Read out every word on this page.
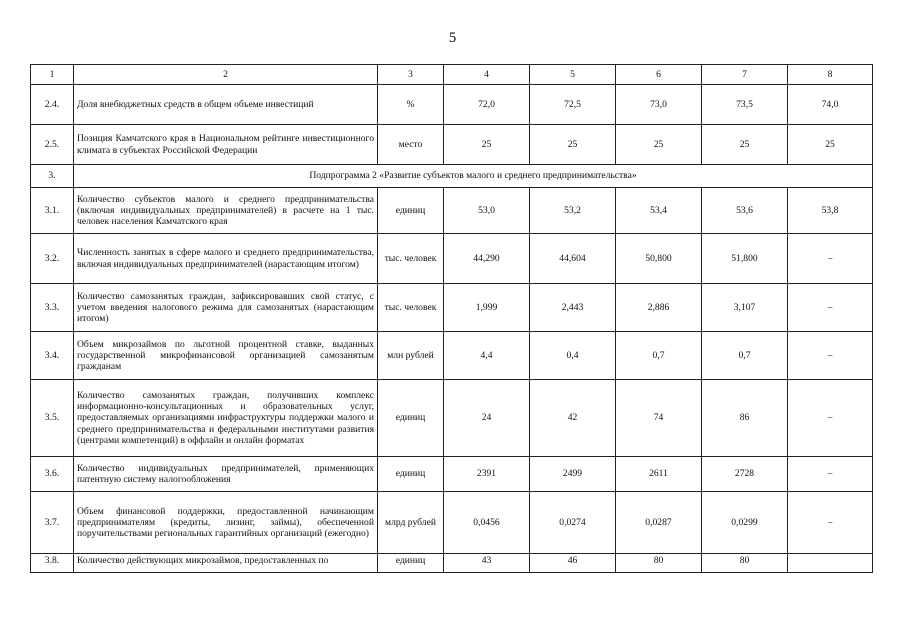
5
1	2	3	4	5	6	7	8
2.4.	Доля внебюджетных средств в общем объеме инвестиций	%	72,0	72,5	73,0	73,5	74,0
2.5.	Позиция Камчатского края в Национальном рейтинге инвестиционного климата в субъектах Российской Федерации	место	25	25	25	25	25
3.	Подпрограмма 2 «Развитие субъектов малого и среднего предпринимательства»						
3.1.	Количество субъектов малого и среднего предпринимательства (включая индивидуальных предпринимателей) в расчете на 1 тыс. человек населения Камчатского края	единиц	53,0	53,2	53,4	53,6	53,8
3.2.	Численность занятых в сфере малого и среднего предпринимательства, включая индивидуальных предпринимателей (нарастающим итогом)	тыс. человек	44,290	44,604	50,800	51,800	–
3.3.	Количество самозанятых граждан, зафиксировавших свой статус, с учетом введения налогового режима для самозанятых (нарастающим итогом)	тыс. человек	1,999	2,443	2,886	3,107	–
3.4.	Объем микрозаймов по льготной процентной ставке, выданных государственной микрофинансовой организацией самозанятым гражданам	млн рублей	4,4	0,4	0,7	0,7	–
3.5.	Количество самозанятых граждан, получивших комплекс информационно-консультационных и образовательных услуг, предоставляемых организациями инфраструктуры поддержки малого и среднего предпринимательства и федеральными институтами развития (центрами компетенций) в оффлайн и онлайн форматах	единиц	24	42	74	86	–
3.6.	Количество индивидуальных предпринимателей, применяющих патентную систему налогообложения	единиц	2391	2499	2611	2728	–
3.7.	Объем финансовой поддержки, предоставленной начинающим предпринимателям (кредиты, лизинг, займы), обеспеченной поручительствами региональных гарантийных организаций (ежегодно)	млрд рублей	0,0456	0,0274	0,0287	0,0299	–
3.8.	Количество действующих микрозаймов, предоставленных по	единиц	43	46	80	80	
